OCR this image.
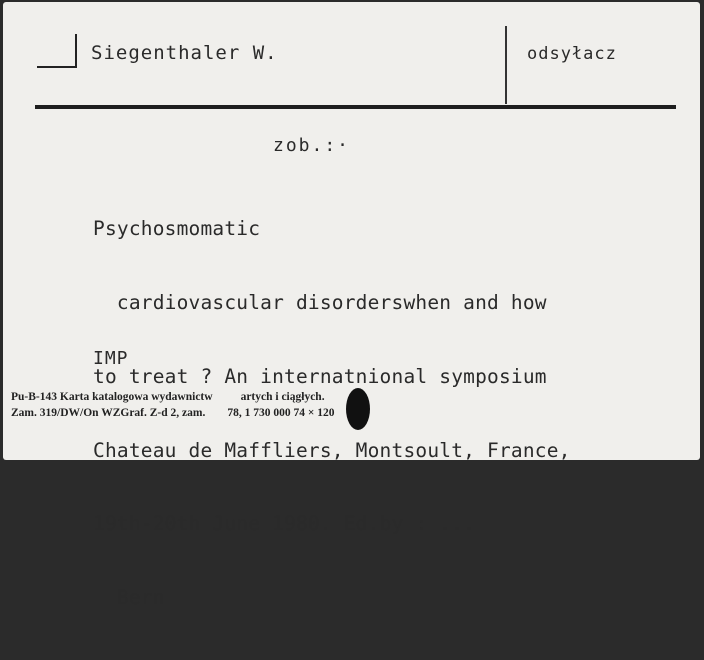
Siegenthaler W.	odsyłacz
zob.:·

Psychosmomatic

cardiovascular disorderswhen and how

to treat ? An internatnional symposium

Chateau de Maffliers, Montsoult, France,

19th-20th June 1980. Ed.by : ...

Bern

IMP
Pu-B-143 Karta katalogowa wydawnictw artych i ciągłych.
Zam. 319/DW/On WZGraf. Z-d 2, zam. 78, 1 730 000 74 × 120
